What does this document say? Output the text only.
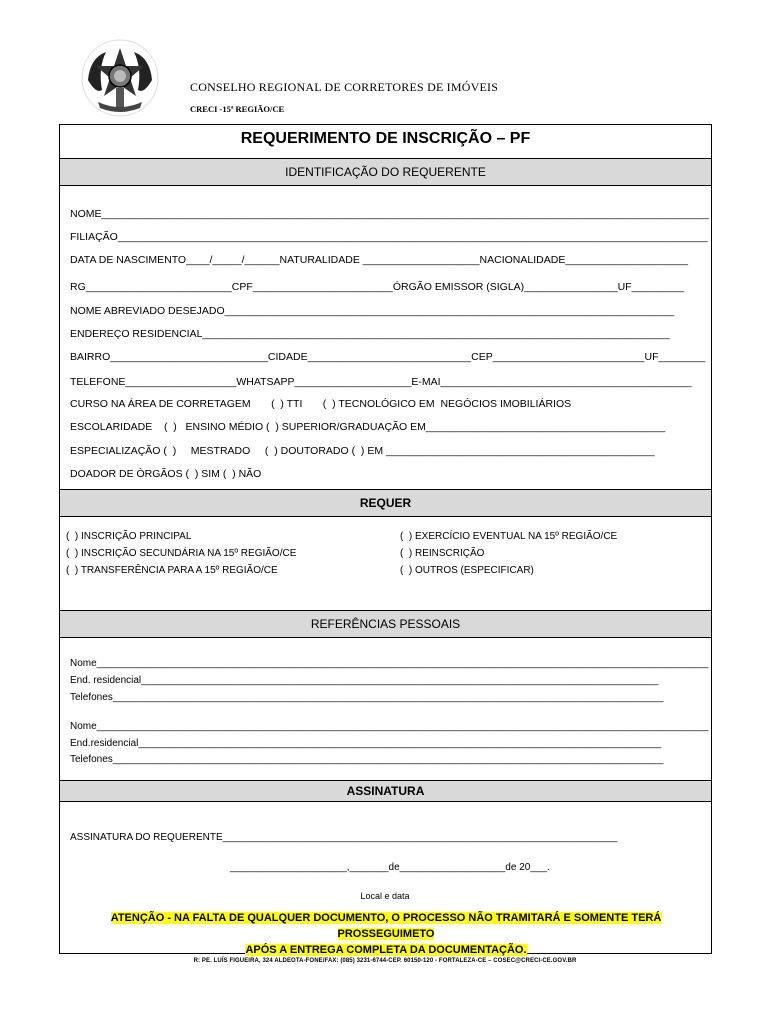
CONSELHO REGIONAL DE CORRETORES DE IMÓVEIS
CRECI -15ª REGIÃO/CE
REQUERIMENTO DE INSCRIÇÃO – PF
IDENTIFICAÇÃO DO REQUERENTE
NOME________________________________________________________________________________________________________
FILIAÇÃO_____________________________________________________________________________________________________
DATA DE NASCIMENTO____/_____/______NATURALIDADE ____________________NACIONALIDADE_____________________
RG_________________________CPF________________________ÓRGÃO EMISSOR (SIGLA)________________UF_________
NOME ABREVIADO DESEJADO_____________________________________________________________________________
ENDEREÇO RESIDENCIAL________________________________________________________________________________
BAIRRO___________________________CIDADE____________________________CEP__________________________UF________
TELEFONE___________________WHATSAPP____________________E-MAI___________________________________________
CURSO NA ÁREA DE CORRETAGEM       (  ) TTI       (  ) TECNOLÓGICO EM  NEGÓCIOS IMOBILIÁRIOS
ESCOLARIDADE    (  )   ENSINO MÉDIO (  ) SUPERIOR/GRADUAÇÃO EM_________________________________________
ESPECIALIZAÇÃO (  )     MESTRADO     (  ) DOUTORADO (  ) EM ______________________________________________
DOADOR DE ÒRGÃOS (  ) SIM (  ) NÃO
REQUER
(  ) INSCRIÇÃO PRINCIPAL
(  ) INSCRIÇÃO SECUNDÁRIA NA 15º REGIÃO/CE
(  ) TRANSFERÊNCIA PARA A 15º REGIÃO/CE
(  ) EXERCÍCIO EVENTUAL NA 15º REGIÃO/CE
(  ) REINSCRIÇÃO
(  ) OUTROS (ESPECIFICAR)
REFERÊNCIAS PESSOAIS
Nome______________________________________________________________________________________________________________
End. residencial_____________________________________________________________________________________________
Telefones___________________________________________________________________________________________________
Nome______________________________________________________________________________________________________________
End.residencial______________________________________________________________________________________________
Telefones___________________________________________________________________________________________________
ASSINATURA
ASSINATURA DO REQUERENTE_______________________________________________________________________
_____________________,_______de___________________de 20___.
Local e data
ATENÇÃO - NA FALTA DE QUALQUER DOCUMENTO, O PROCESSO NÃO TRAMITARÁ E SOMENTE TERÁ PROSSEGUIMETO
APÓS A ENTREGA COMPLETA DA DOCUMENTAÇÃO.
R: PE. LUÍS FIGUEIRA, 324 ALDEOTA-FONE/FAX: (085) 3231-6744-CEP. 60150-120 - FORTALEZA-CE – COSEC@CRECI-CE.GOV.BR
